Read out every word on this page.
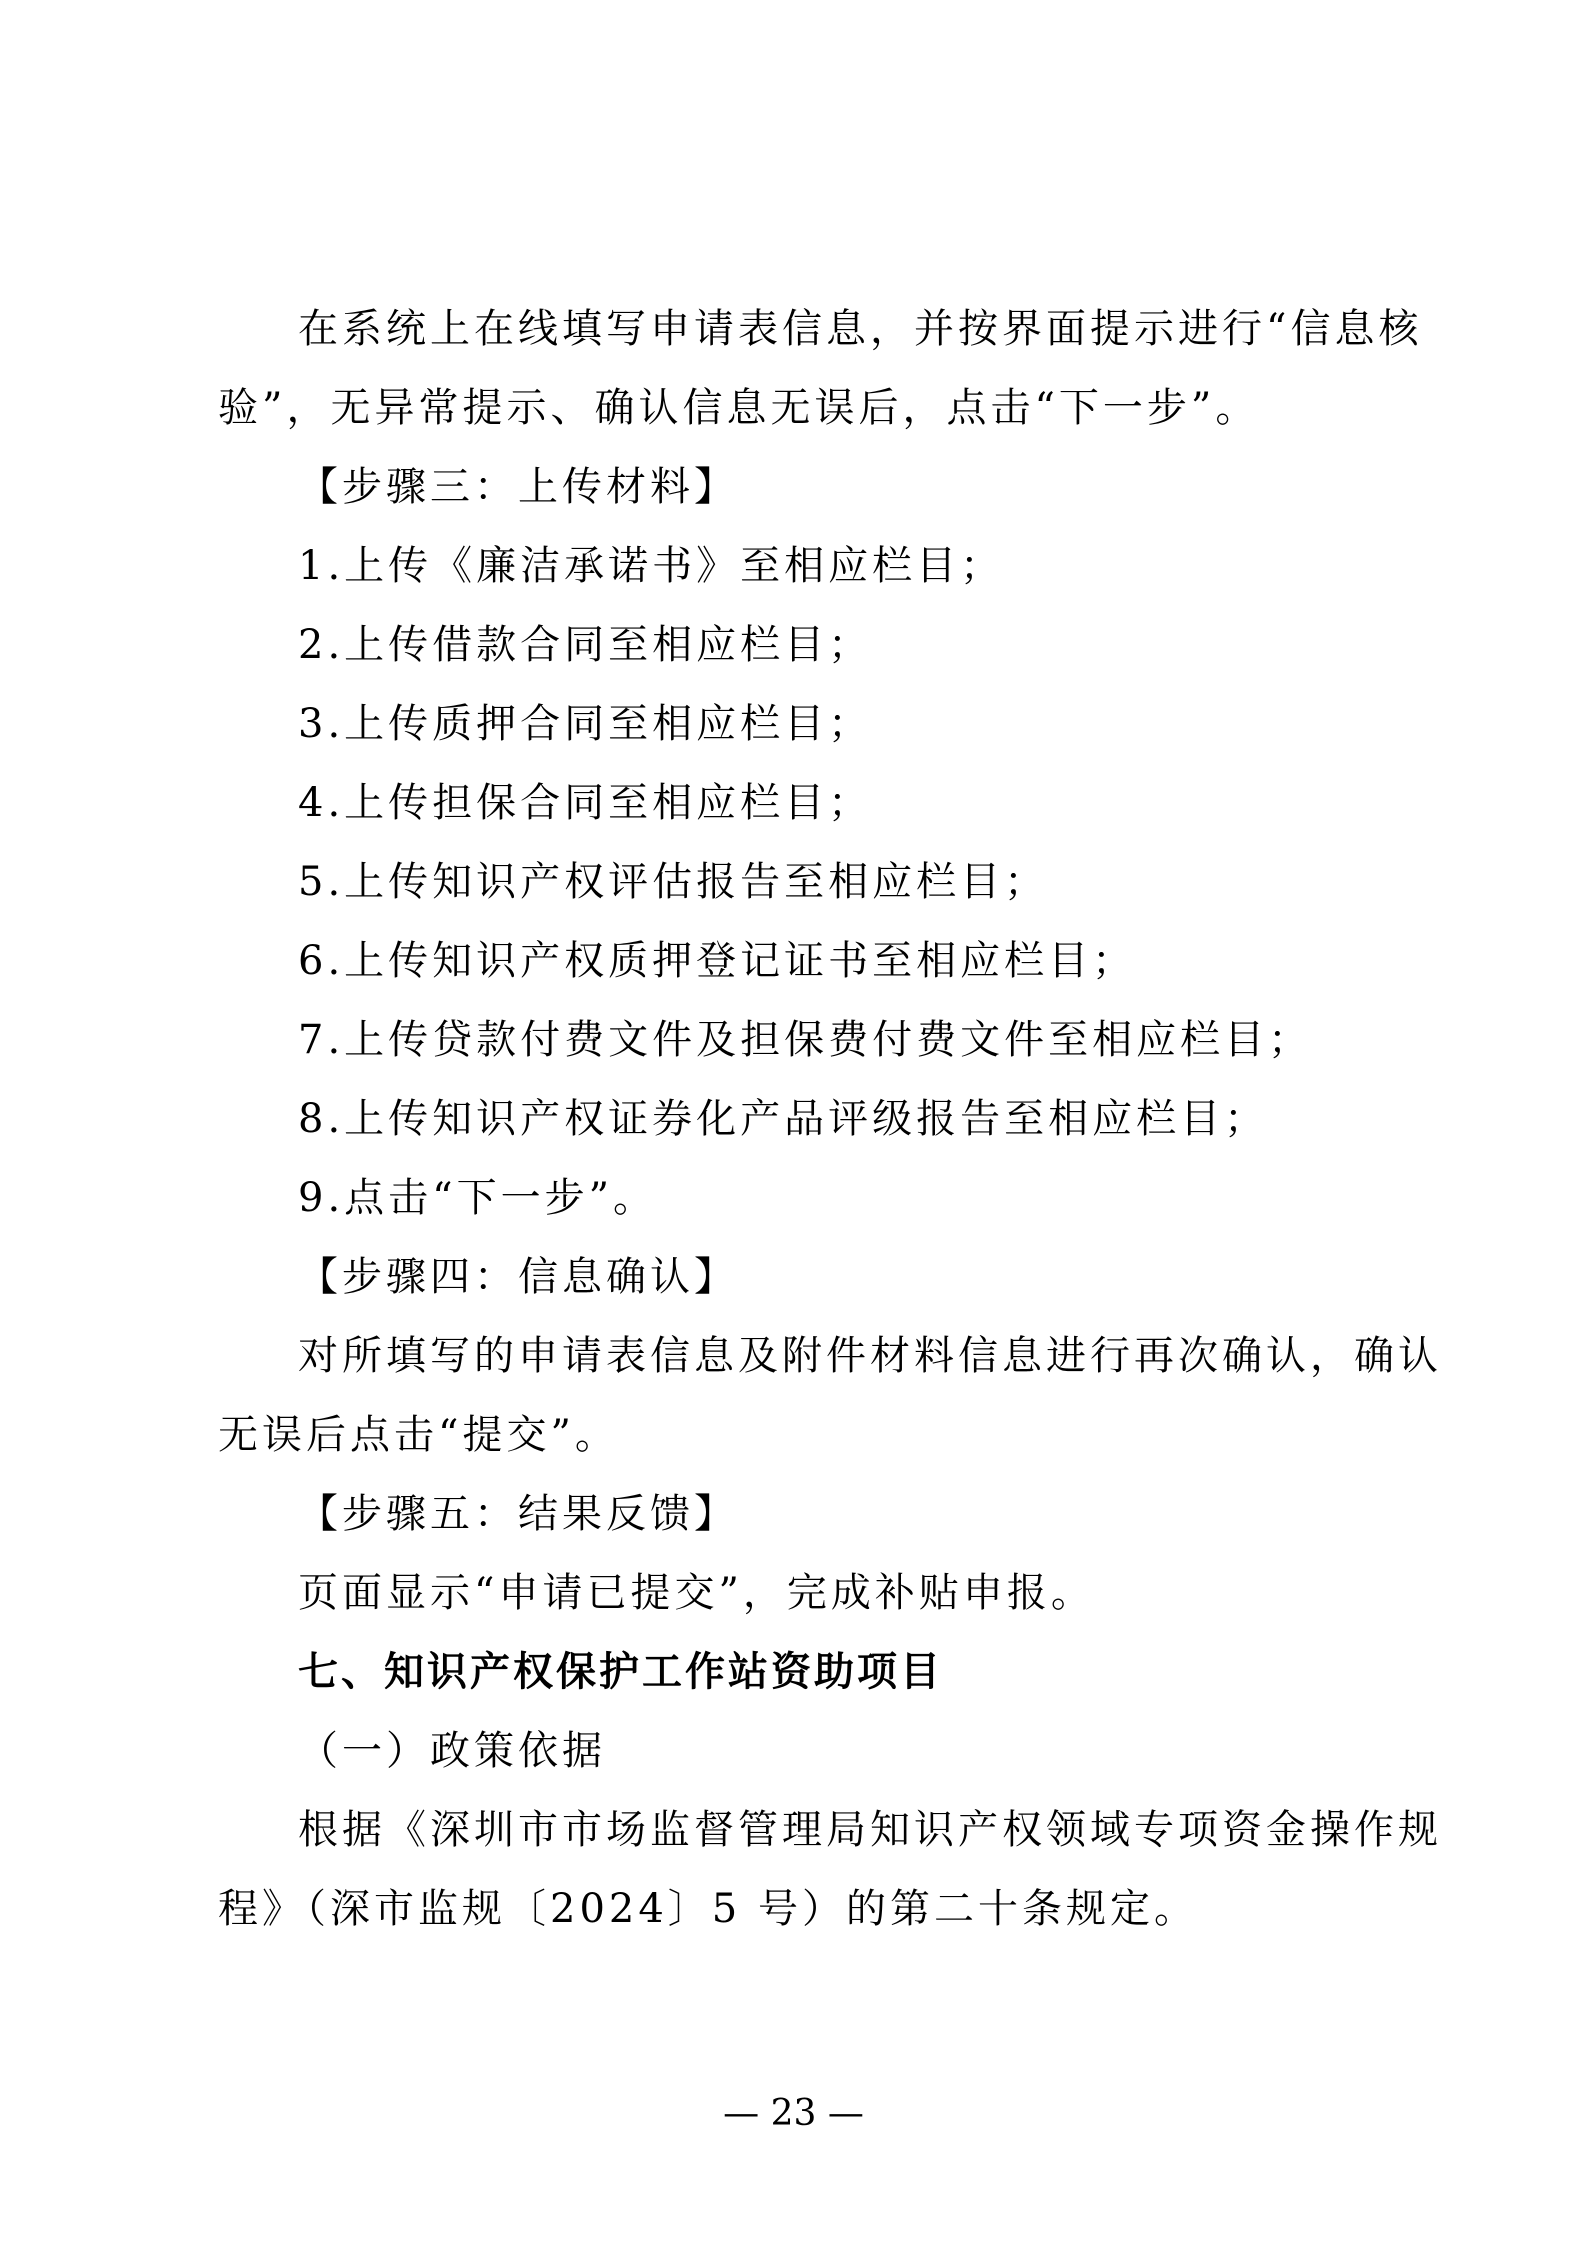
在系统上在线填写申请表信息，并按界面提示进行“信息核
验”，无异常提示、确认信息无误后，点击“下一步”。
【步骤三：上传材料】
1.上传《廉洁承诺书》至相应栏目；
2.上传借款合同至相应栏目；
3.上传质押合同至相应栏目；
4.上传担保合同至相应栏目；
5.上传知识产权评估报告至相应栏目；
6.上传知识产权质押登记证书至相应栏目；
7.上传贷款付费文件及担保费付费文件至相应栏目；
8.上传知识产权证券化产品评级报告至相应栏目；
9.点击“下一步”。
【步骤四：信息确认】
对所填写的申请表信息及附件材料信息进行再次确认，确认
无误后点击“提交”。
【步骤五：结果反馈】
页面显示“申请已提交”，完成补贴申报。
七、知识产权保护工作站资助项目
（一）政策依据
根据《深圳市市场监督管理局知识产权领域专项资金操作规
程》（深市监规〔2024〕5 号）的第二十条规定。
— 23 —
